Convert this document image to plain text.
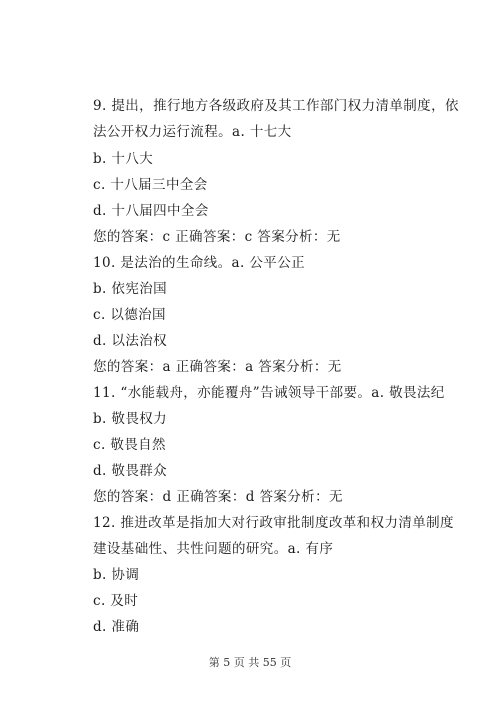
9. 提出，推行地方各级政府及其工作部门权力清单制度，依
法公开权力运行流程。a. 十七大
b. 十八大
c. 十八届三中全会
d. 十八届四中全会
您的答案：c 正确答案：c 答案分析：无
10. 是法治的生命线。a. 公平公正
b. 依宪治国
c. 以德治国
d. 以法治权
您的答案：a 正确答案：a 答案分析：无
11. “水能载舟，亦能覆舟”告诫领导干部要。a. 敬畏法纪
b. 敬畏权力
c. 敬畏自然
d. 敬畏群众
您的答案：d 正确答案：d 答案分析：无
12. 推进改革是指加大对行政审批制度改革和权力清单制度
建设基础性、共性问题的研究。a. 有序
b. 协调
c. 及时
d. 准确
第 5 页 共 55 页
